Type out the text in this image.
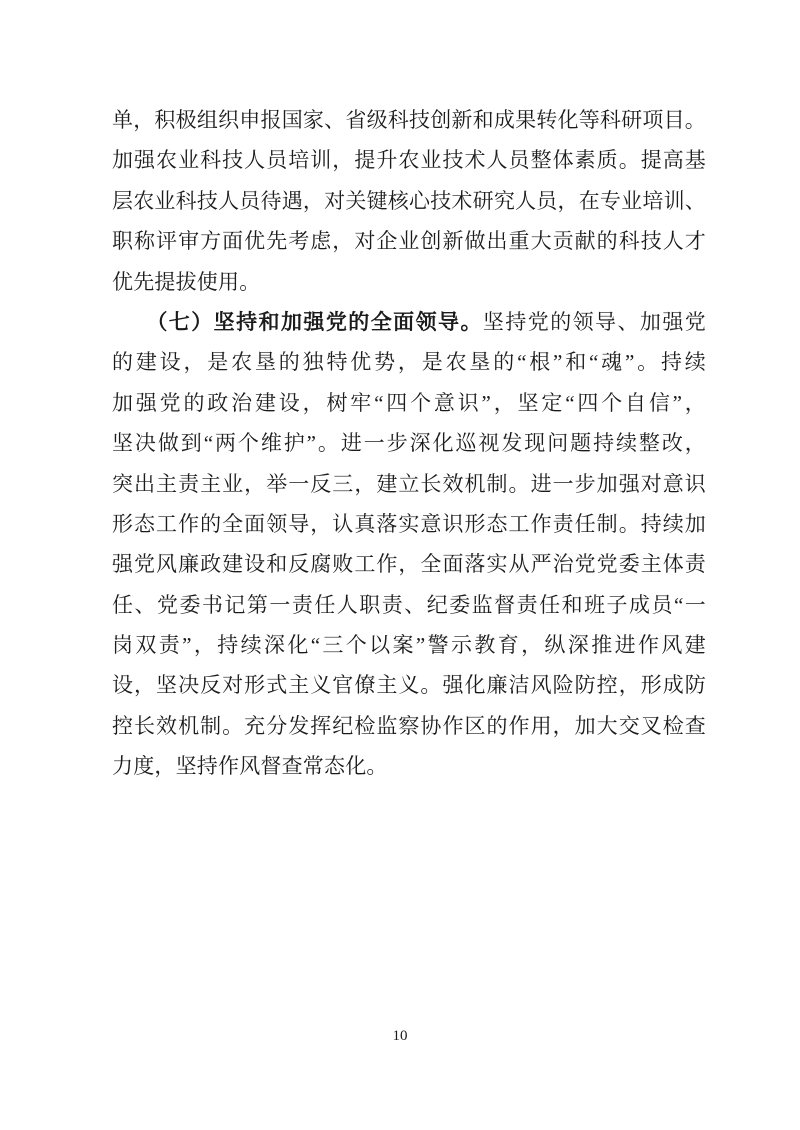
单，积极组织申报国家、省级科技创新和成果转化等科研项目。
加强农业科技人员培训，提升农业技术人员整体素质。提高基
层农业科技人员待遇，对关键核心技术研究人员，在专业培训、
职称评审方面优先考虑，对企业创新做出重大贡献的科技人才
优先提拔使用。
　　（七）坚持和加强党的全面领导。坚持党的领导、加强党
的建设，是农垦的独特优势，是农垦的“根”和“魂”。持续
加强党的政治建设，树牢“四个意识”，坚定“四个自信”，
坚决做到“两个维护”。进一步深化巡视发现问题持续整改，
突出主责主业，举一反三，建立长效机制。进一步加强对意识
形态工作的全面领导，认真落实意识形态工作责任制。持续加
强党风廉政建设和反腐败工作，全面落实从严治党党委主体责
任、党委书记第一责任人职责、纪委监督责任和班子成员“一
岗双责”，持续深化“三个以案”警示教育，纵深推进作风建
设，坚决反对形式主义官僚主义。强化廉洁风险防控，形成防
控长效机制。充分发挥纪检监察协作区的作用，加大交叉检查
力度，坚持作风督查常态化。
10
